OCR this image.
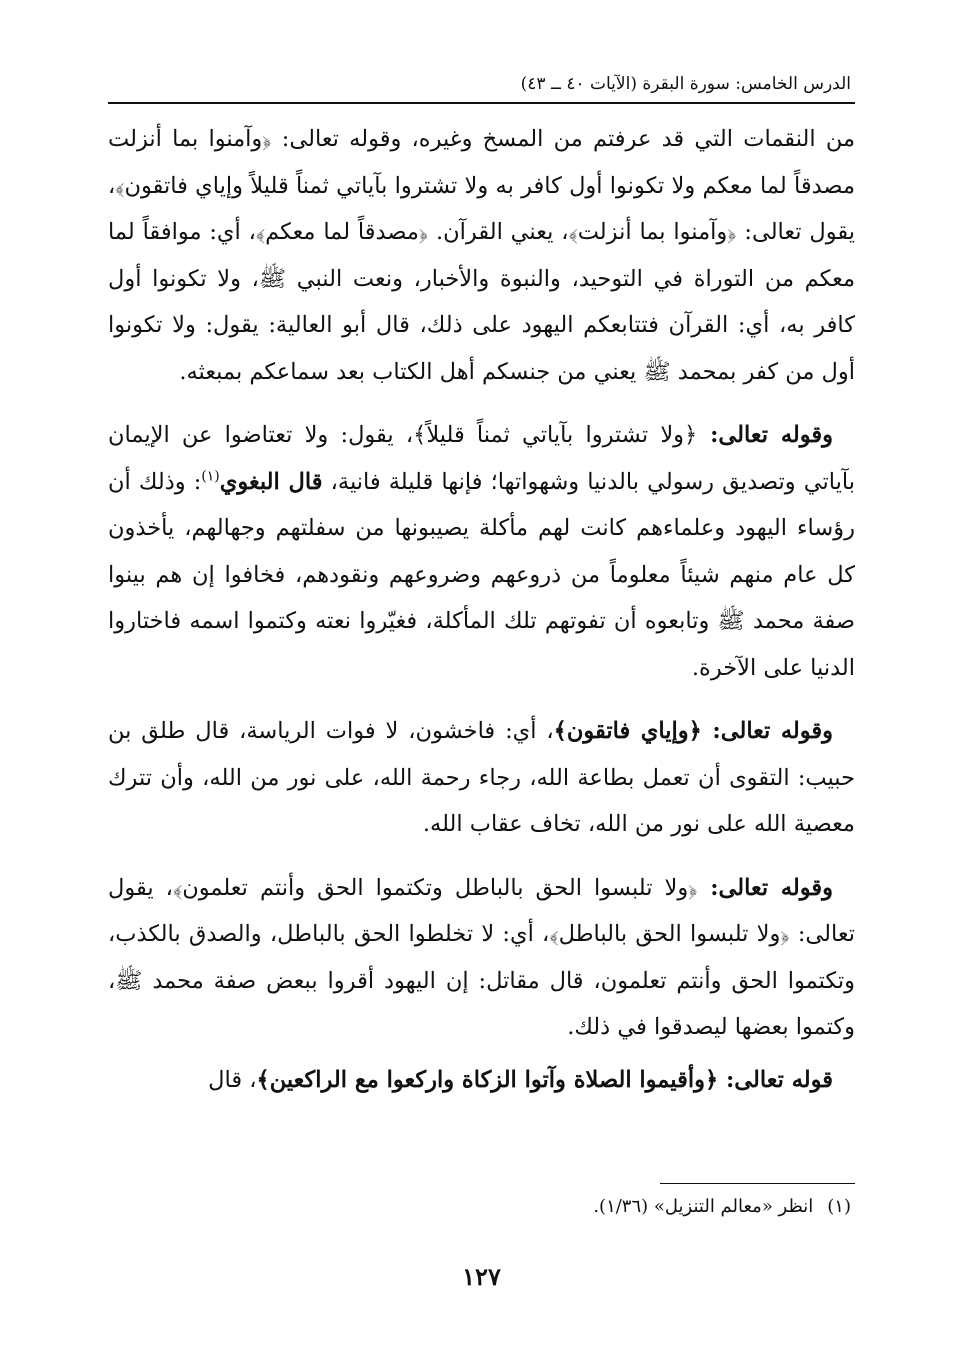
الدرس الخامس: سورة البقرة (الآيات ٤٠ ــ ٤٣)

من النقمات التي قد عرفتم من المسخ وغيره، وقوله تعالى: ﴿وآمنوا بما أنزلت مصدقاً لما معكم ولا تكونوا أول كافر به ولا تشتروا بآياتي ثمناً قليلاً وإياي فاتقون﴾، يقول تعالى: ﴿وآمنوا بما أنزلت﴾، يعني القرآن. ﴿مصدقاً لما معكم﴾، أي: موافقاً لما معكم من التوراة في التوحيد، والنبوة والأخبار، ونعت النبي ﷺ، ولا تكونوا أول كافر به، أي: القرآن فتتابعكم اليهود على ذلك، قال أبو العالية: يقول: ولا تكونوا أول من كفر بمحمد ﷺ يعني من جنسكم أهل الكتاب بعد سماعكم بمبعثه.

وقوله تعالى: ﴿ولا تشتروا بآياتي ثمناً قليلاً﴾، يقول: ولا تعتاضوا عن الإيمان بآياتي وتصديق رسولي بالدنيا وشهواتها؛ فإنها قليلة فانية، قال البغوي$^{(١)}$: وذلك أن رؤساء اليهود وعلماءهم كانت لهم مأكلة يصيبونها من سفلتهم وجهالهم، يأخذون كل عام منهم شيئاً معلوماً من ذروعهم وضروعهم ونقودهم، فخافوا إن هم بينوا صفة محمد ﷺ وتابعوه أن تفوتهم تلك المأكلة، فغيّروا نعته وكتموا اسمه فاختاروا الدنيا على الآخرة.

وقوله تعالى: ﴿وإياي فاتقون﴾، أي: فاخشون، لا فوات الرياسة، قال طلق بن حبيب: التقوى أن تعمل بطاعة الله، رجاء رحمة الله، على نور من الله، وأن تترك معصية الله على نور من الله، تخاف عقاب الله.

وقوله تعالى: ﴿ولا تلبسوا الحق بالباطل وتكتموا الحق وأنتم تعلمون﴾، يقول تعالى: ﴿ولا تلبسوا الحق بالباطل﴾، أي: لا تخلطوا الحق بالباطل، والصدق بالكذب، وتكتموا الحق وأنتم تعلمون، قال مقاتل: إن اليهود أقروا ببعض صفة محمد ﷺ، وكتموا بعضها ليصدقوا في ذلك.

قوله تعالى: ﴿وأقيموا الصلاة وآتوا الزكاة واركعوا مع الراكعين﴾، قال

(١)انظر «معالم التنزيل» (١/٣٦).
١٢٧
